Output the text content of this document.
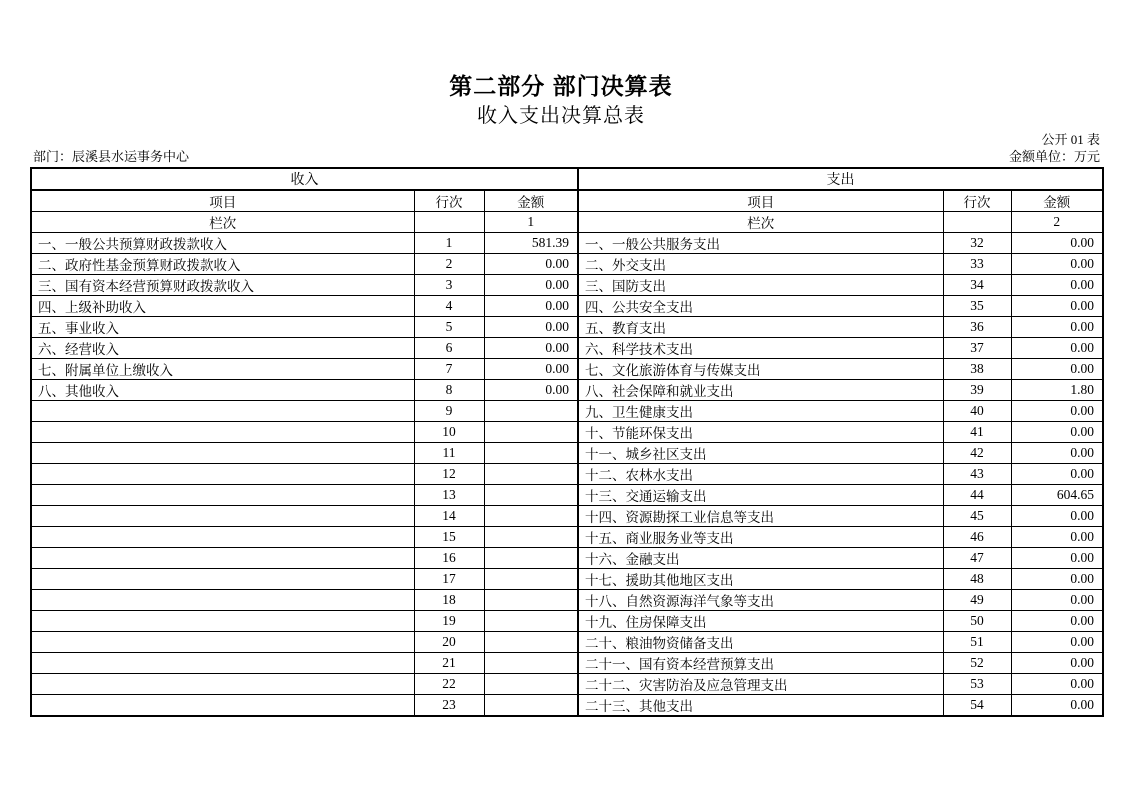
第二部分 部门决算表
收入支出决算总表
公开 01 表
部门：辰溪县水运事务中心	金额单位：万元
收入			支出		
项目	行次	金额	项目	行次	金额
栏次		1	栏次		2
一、一般公共预算财政拨款收入	1	581.39	一、一般公共服务支出	32	0.00
二、政府性基金预算财政拨款收入	2	0.00	二、外交支出	33	0.00
三、国有资本经营预算财政拨款收入	3	0.00	三、国防支出	34	0.00
四、上级补助收入	4	0.00	四、公共安全支出	35	0.00
五、事业收入	5	0.00	五、教育支出	36	0.00
六、经营收入	6	0.00	六、科学技术支出	37	0.00
七、附属单位上缴收入	7	0.00	七、文化旅游体育与传媒支出	38	0.00
八、其他收入	8	0.00	八、社会保障和就业支出	39	1.80
	9		九、卫生健康支出	40	0.00
	10		十、节能环保支出	41	0.00
	11		十一、城乡社区支出	42	0.00
	12		十二、农林水支出	43	0.00
	13		十三、交通运输支出	44	604.65
	14		十四、资源勘探工业信息等支出	45	0.00
	15		十五、商业服务业等支出	46	0.00
	16		十六、金融支出	47	0.00
	17		十七、援助其他地区支出	48	0.00
	18		十八、自然资源海洋气象等支出	49	0.00
	19		十九、住房保障支出	50	0.00
	20		二十、粮油物资储备支出	51	0.00
	21		二十一、国有资本经营预算支出	52	0.00
	22		二十二、灾害防治及应急管理支出	53	0.00
	23		二十三、其他支出	54	0.00
